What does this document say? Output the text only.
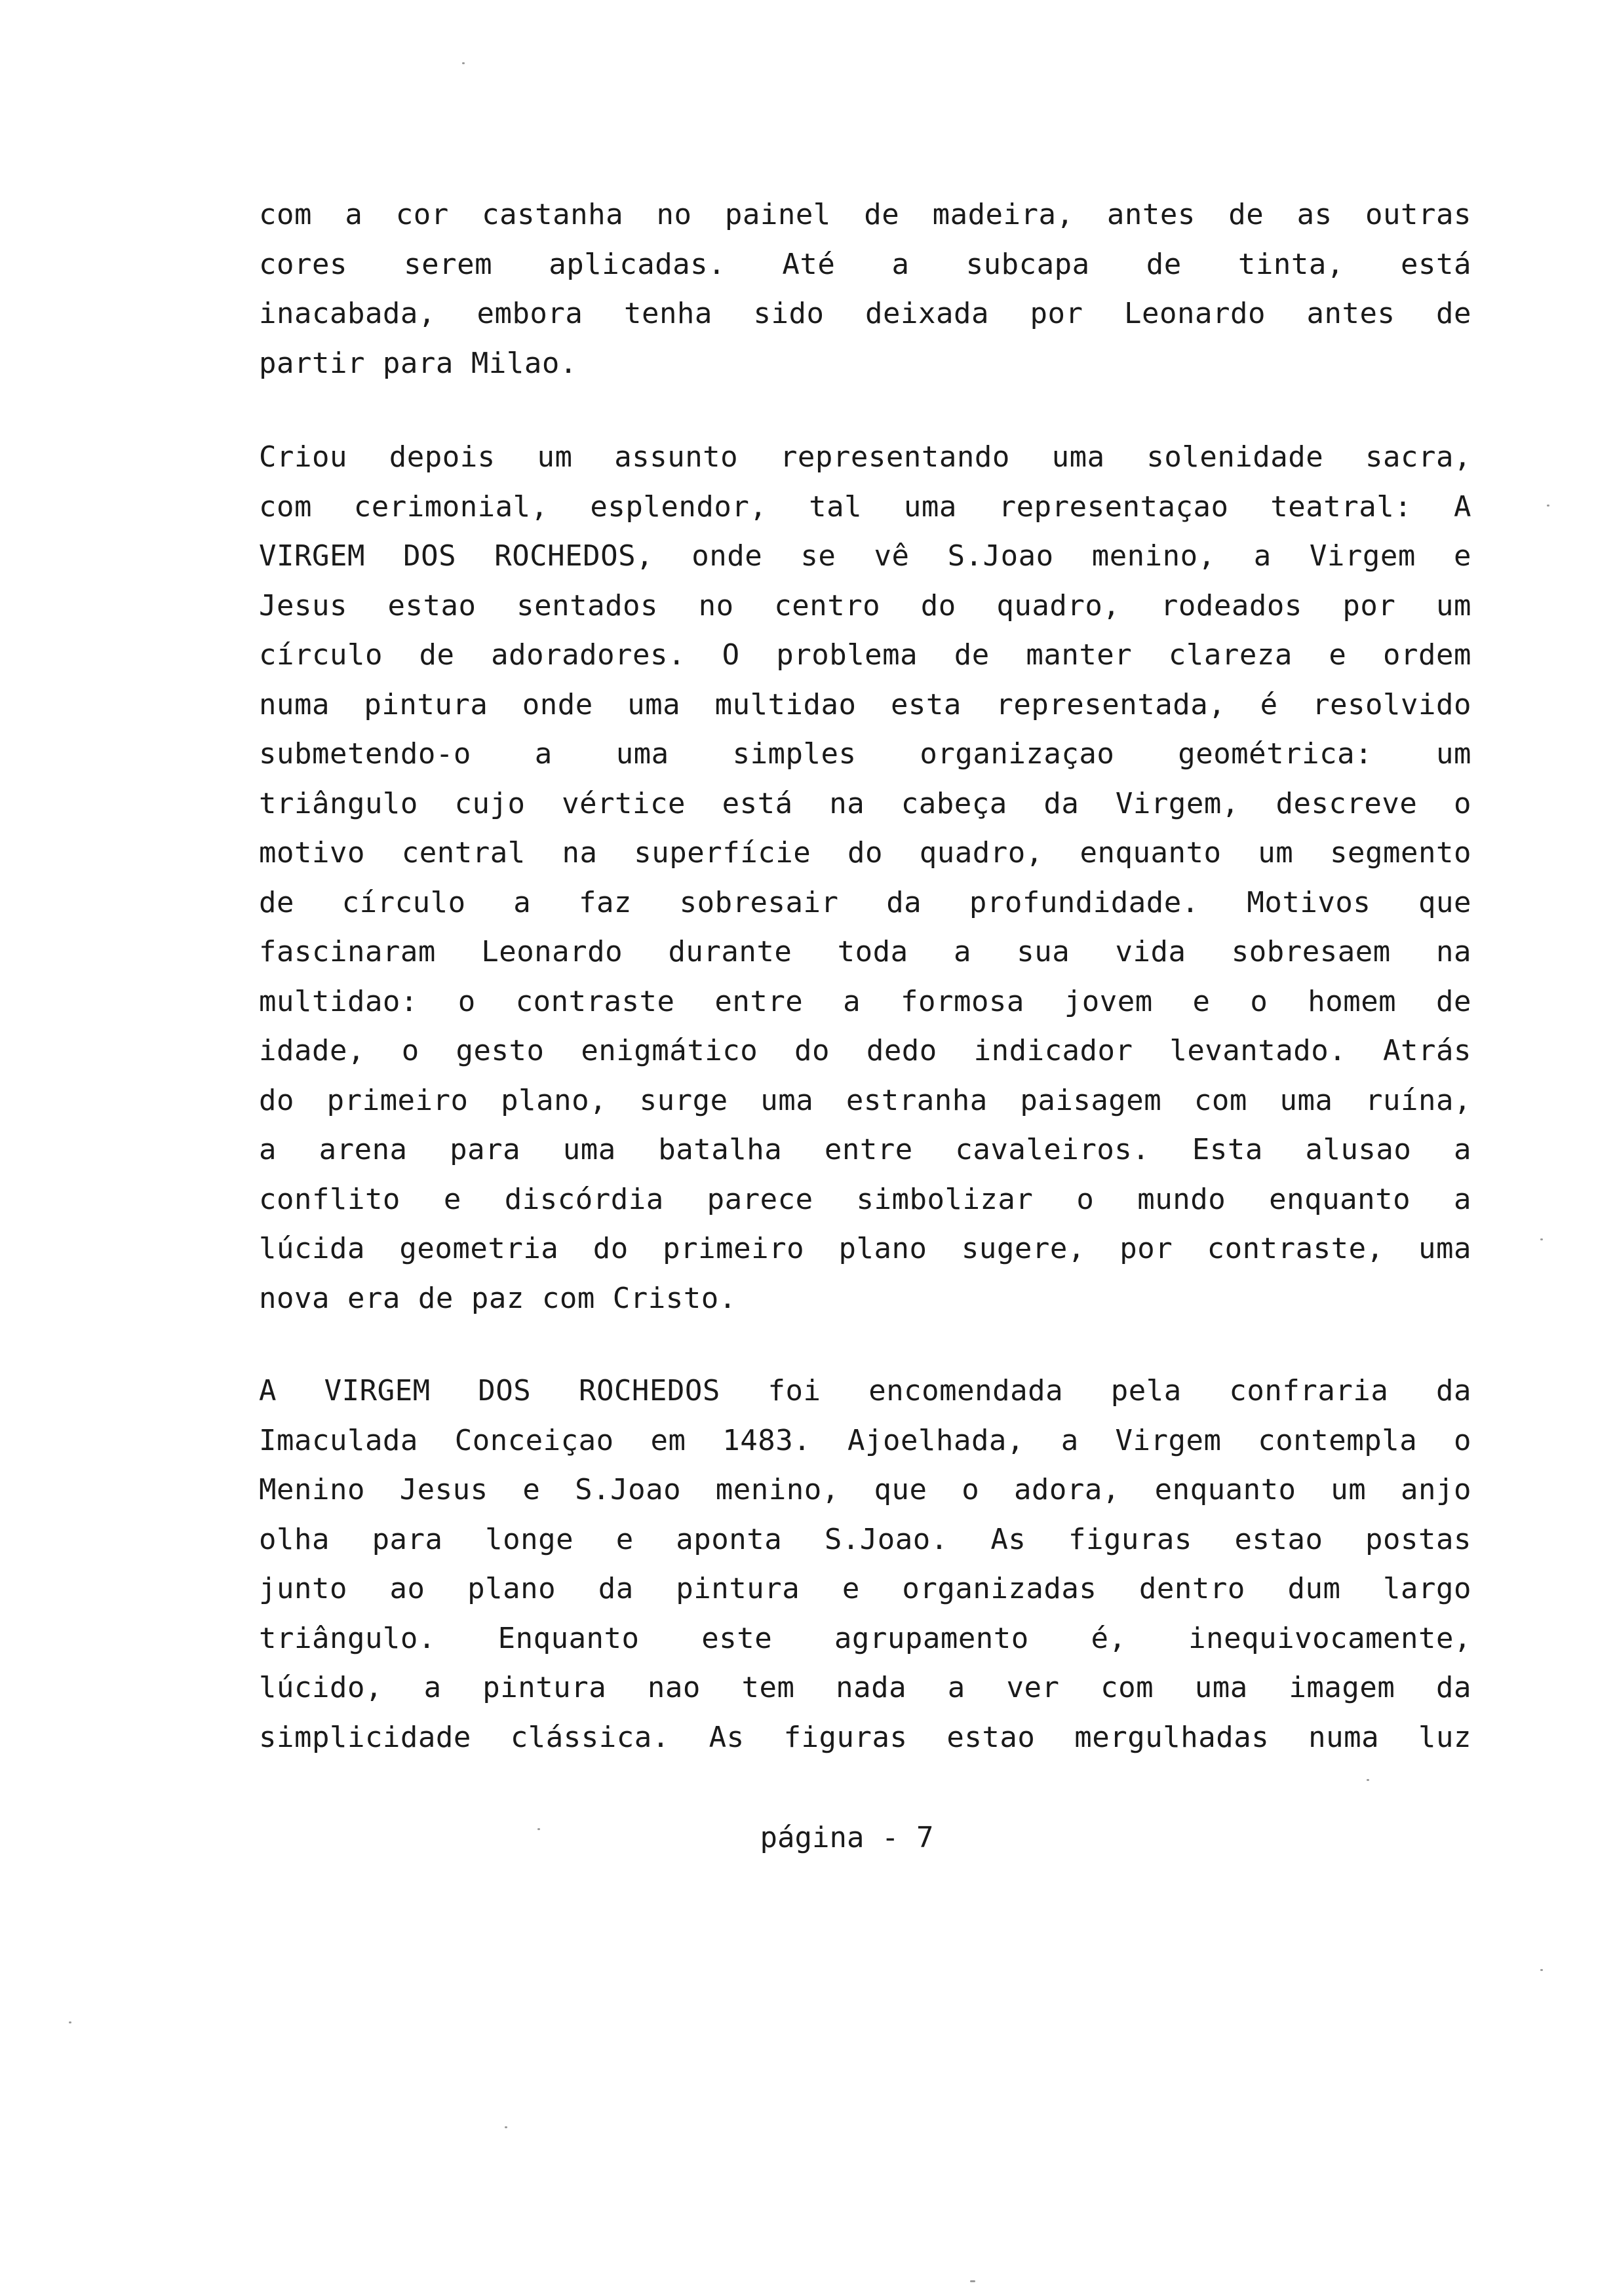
com a cor castanha no painel de madeira, antes de as outras
cores serem aplicadas. Até a subcapa de tinta, está
inacabada, embora tenha sido deixada por Leonardo antes de
partir para Milao.
Criou depois um assunto representando uma solenidade sacra,
com cerimonial, esplendor, tal uma representaçao teatral: A
VIRGEM DOS ROCHEDOS, onde se vê S.Joao menino, a Virgem e
Jesus estao sentados no centro do quadro, rodeados por um
círculo de adoradores. O problema de manter clareza e ordem
numa pintura onde uma multidao esta representada, é resolvido
submetendo-o a uma simples organizaçao geométrica: um
triângulo cujo vértice está na cabeça da Virgem, descreve o
motivo central na superfície do quadro, enquanto um segmento
de círculo a faz sobresair da profundidade. Motivos que
fascinaram Leonardo durante toda a sua vida sobresaem na
multidao: o contraste entre a formosa jovem e o homem de
idade, o gesto enigmático do dedo indicador levantado. Atrás
do primeiro plano, surge uma estranha paisagem com uma ruína,
a arena para uma batalha entre cavaleiros. Esta alusao a
conflito e discórdia parece simbolizar o mundo enquanto a
lúcida geometria do primeiro plano sugere, por contraste, uma
nova era de paz com Cristo.
A VIRGEM DOS ROCHEDOS foi encomendada pela confraria da
Imaculada Conceiçao em 1483. Ajoelhada, a Virgem contempla o
Menino Jesus e S.Joao menino, que o adora, enquanto um anjo
olha para longe e aponta S.Joao. As figuras estao postas
junto ao plano da pintura e organizadas dentro dum largo
triângulo. Enquanto este agrupamento é, inequivocamente,
lúcido, a pintura nao tem nada a ver com uma imagem da
simplicidade clássica. As figuras estao mergulhadas numa luz
página - 7
